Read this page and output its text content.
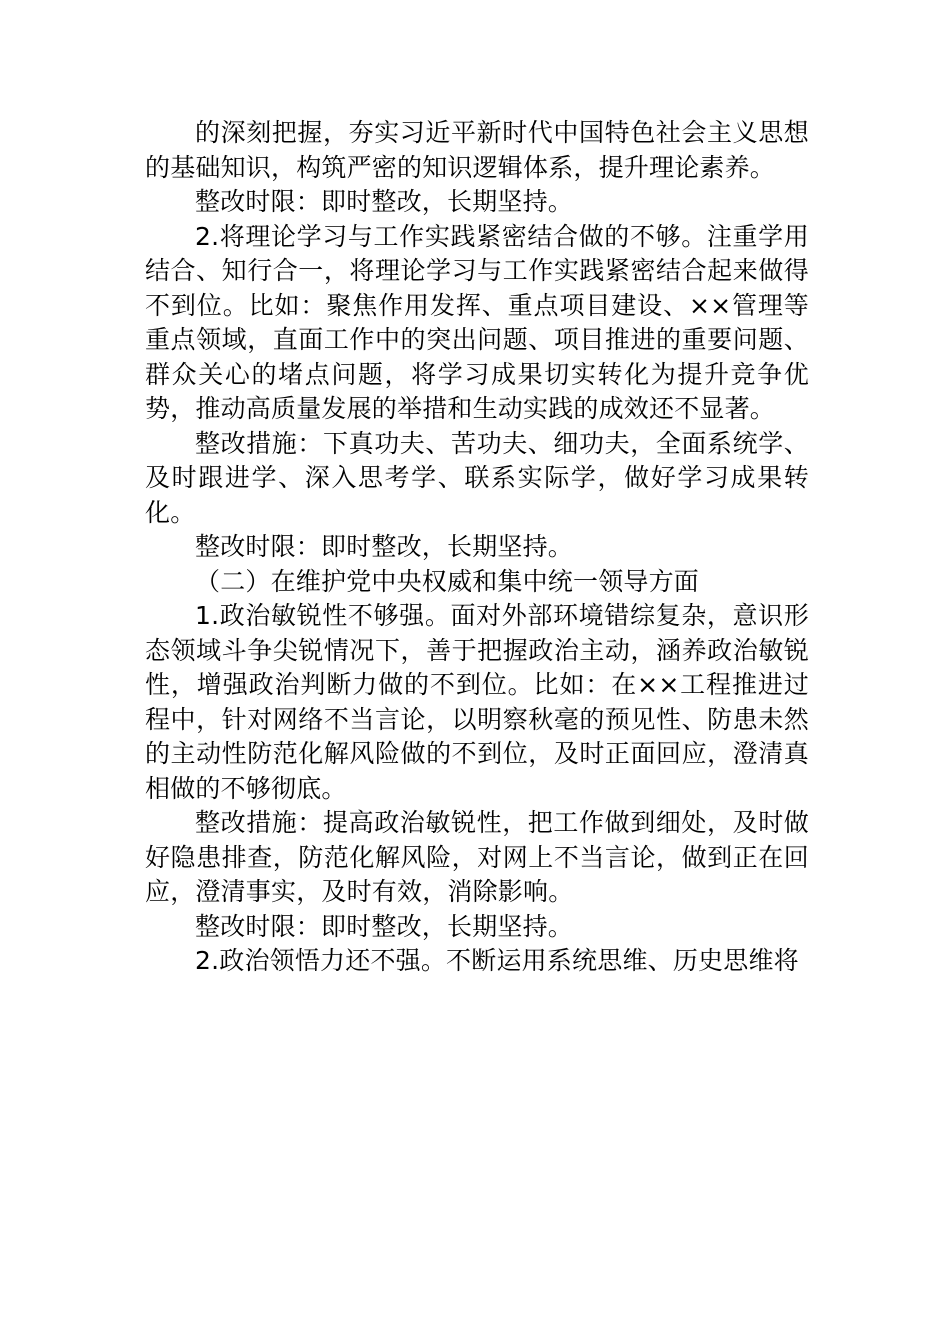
的深刻把握，夯实习近平新时代中国特色社会主义思想的基础知识，构筑严密的知识逻辑体系，提升理论素养。

整改时限：即时整改，长期坚持。

2.将理论学习与工作实践紧密结合做的不够。注重学用结合、知行合一，将理论学习与工作实践紧密结合起来做得不到位。比如：聚焦作用发挥、重点项目建设、××管理等重点领域，直面工作中的突出问题、项目推进的重要问题、群众关心的堵点问题，将学习成果切实转化为提升竞争优势，推动高质量发展的举措和生动实践的成效还不显著。

整改措施：下真功夫、苦功夫、细功夫，全面系统学、及时跟进学、深入思考学、联系实际学，做好学习成果转化。

整改时限：即时整改，长期坚持。

（二）在维护党中央权威和集中统一领导方面

1.政治敏锐性不够强。面对外部环境错综复杂，意识形态领域斗争尖锐情况下，善于把握政治主动，涵养政治敏锐性，增强政治判断力做的不到位。比如：在××工程推进过程中，针对网络不当言论，以明察秋毫的预见性、防患未然的主动性防范化解风险做的不到位，及时正面回应，澄清真相做的不够彻底。

整改措施：提高政治敏锐性，把工作做到细处，及时做好隐患排查，防范化解风险，对网上不当言论，做到正在回应，澄清事实，及时有效，消除影响。

整改时限：即时整改，长期坚持。

2.政治领悟力还不强。不断运用系统思维、历史思维将
